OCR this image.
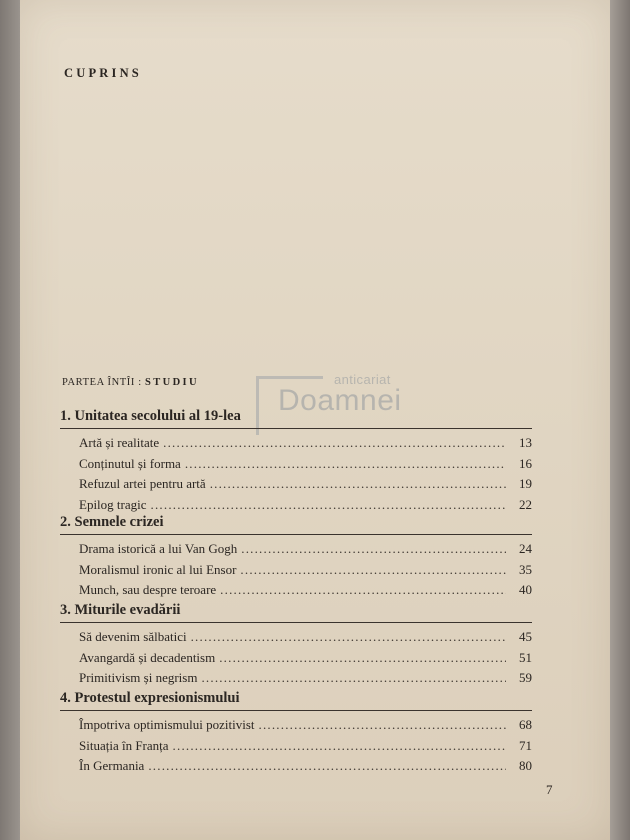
CUPRINS
PARTEA ÎNTÎI : STUDIU	anticariat
Doamnei
1. Unitatea secolului al 19-lea
Artă și realitate .....	13
Conținutul și forma .....	16
Refuzul artei pentru artă .....	19
Epilog tragic .....	22
2. Semnele crizei
Drama istorică a lui Van Gogh .....	24
Moralismul ironic al lui Ensor .....	35
Munch, sau despre teroare .....	40
3. Miturile evadării
Să devenim sălbatici .....	45
Avangardă și decadentism .....	51
Primitivism și negrism .....	59
4. Protestul expresionismului
Împotriva optimismului pozitivist .....	68
Situația în Franța .....	71
În Germania .....	80
7
